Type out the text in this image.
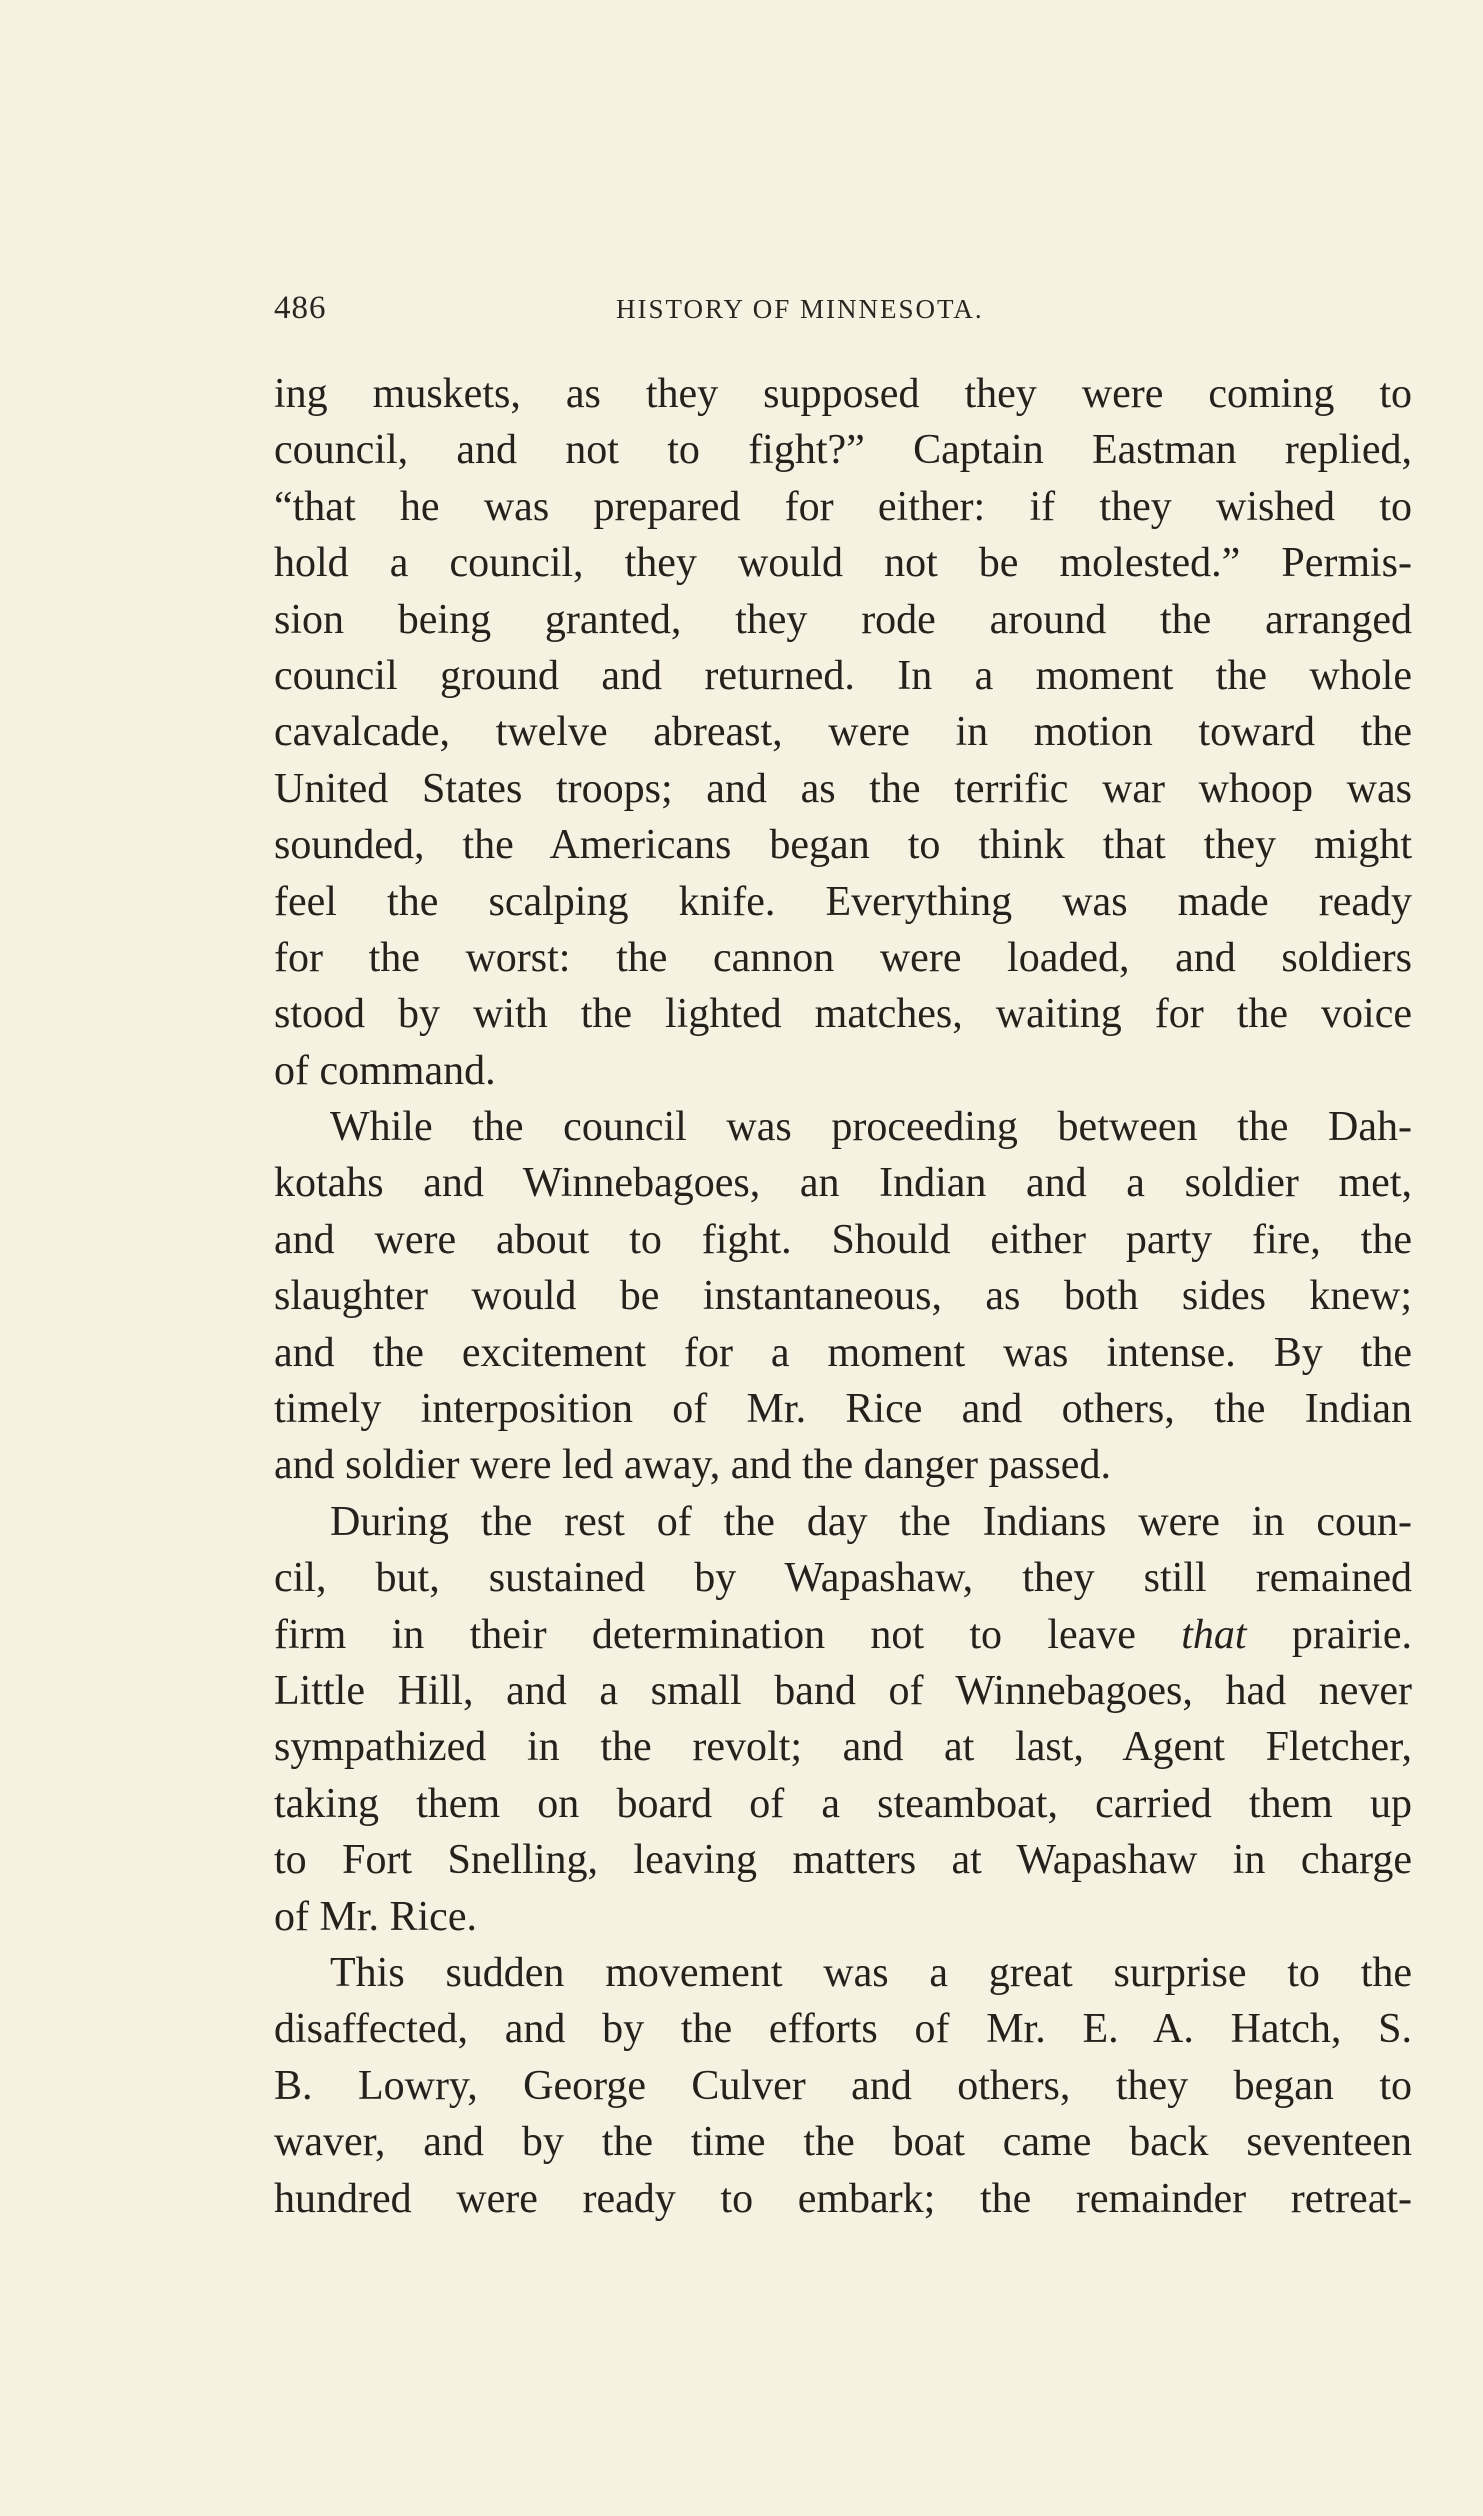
486	HISTORY OF MINNESOTA.
ing muskets, as they supposed they were coming to
council, and not to fight?” Captain Eastman replied,
“that he was prepared for either: if they wished to
hold a council, they would not be molested.” Permis-
sion being granted, they rode around the arranged
council ground and returned. In a moment the whole
cavalcade, twelve abreast, were in motion toward the
United States troops; and as the terrific war whoop was
sounded, the Americans began to think that they might
feel the scalping knife. Everything was made ready
for the worst: the cannon were loaded, and soldiers
stood by with the lighted matches, waiting for the voice
of command.
While the council was proceeding between the Dah-
kotahs and Winnebagoes, an Indian and a soldier met,
and were about to fight. Should either party fire, the
slaughter would be instantaneous, as both sides knew;
and the excitement for a moment was intense. By the
timely interposition of Mr. Rice and others, the Indian
and soldier were led away, and the danger passed.
During the rest of the day the Indians were in coun-
cil, but, sustained by Wapashaw, they still remained
firm in their determination not to leave that prairie.
Little Hill, and a small band of Winnebagoes, had never
sympathized in the revolt; and at last, Agent Fletcher,
taking them on board of a steamboat, carried them up
to Fort Snelling, leaving matters at Wapashaw in charge
of Mr. Rice.
This sudden movement was a great surprise to the
disaffected, and by the efforts of Mr. E. A. Hatch, S.
B. Lowry, George Culver and others, they began to
waver, and by the time the boat came back seventeen
hundred were ready to embark; the remainder retreat-
